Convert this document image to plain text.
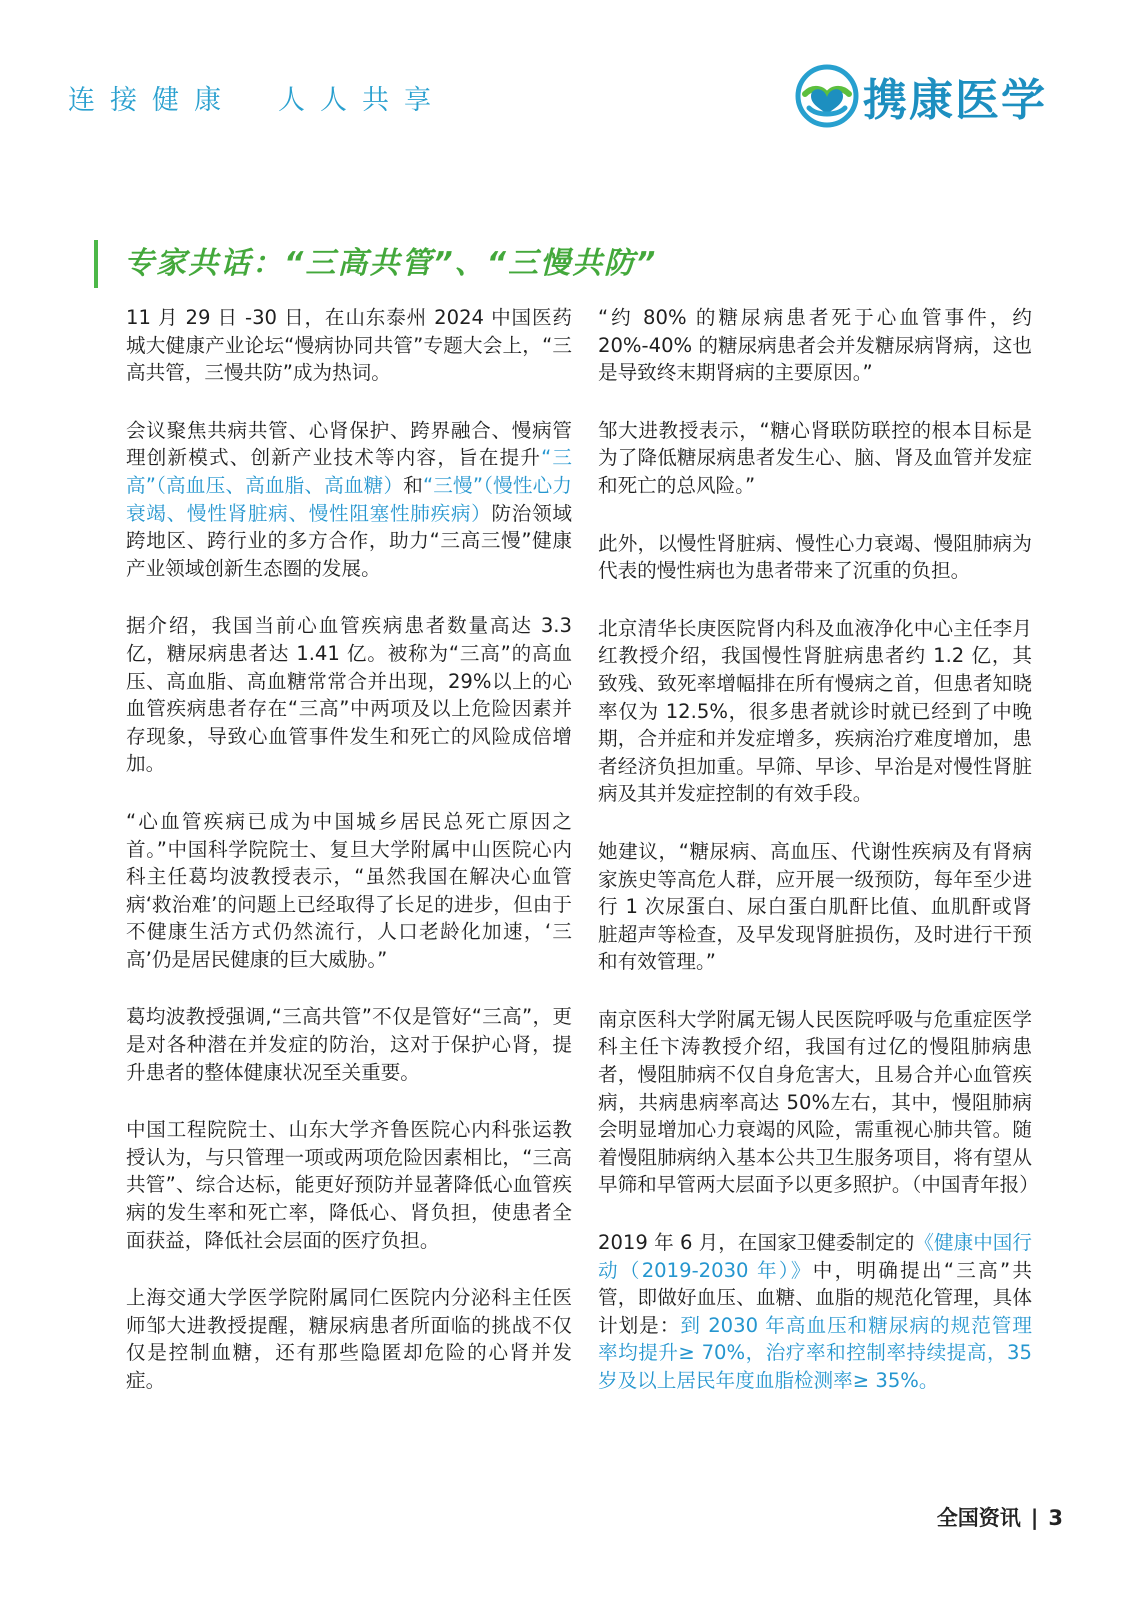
连接健康 人人共享	携康医学
专家共话：“三高共管”、“三慢共防”

11 月 29 日 -30 日，在山东泰州 2024 中国医药城大健康产业论坛“慢病协同共管”专题大会上，“三高共管，三慢共防”成为热词。

会议聚焦共病共管、心肾保护、跨界融合、慢病管理创新模式、创新产业技术等内容，旨在提升“三高”（高血压、高血脂、高血糖）和“三慢”（慢性心力衰竭、慢性肾脏病、慢性阻塞性肺疾病）防治领域跨地区、跨行业的多方合作，助力“三高三慢”健康产业领域创新生态圈的发展。

据介绍，我国当前心血管疾病患者数量高达 3.3 亿，糖尿病患者达 1.41 亿。被称为“三高”的高血压、高血脂、高血糖常常合并出现，29%以上的心血管疾病患者存在“三高”中两项及以上危险因素并存现象，导致心血管事件发生和死亡的风险成倍增加。

“心血管疾病已成为中国城乡居民总死亡原因之首。”中国科学院院士、复旦大学附属中山医院心内科主任葛均波教授表示，“虽然我国在解决心血管病‘救治难’的问题上已经取得了长足的进步，但由于不健康生活方式仍然流行，人口老龄化加速，‘三高’仍是居民健康的巨大威胁。”

葛均波教授强调,“三高共管”不仅是管好“三高”，更是对各种潜在并发症的防治，这对于保护心肾，提升患者的整体健康状况至关重要。

中国工程院院士、山东大学齐鲁医院心内科张运教授认为，与只管理一项或两项危险因素相比，“三高共管”、综合达标，能更好预防并显著降低心血管疾病的发生率和死亡率，降低心、肾负担，使患者全面获益，降低社会层面的医疗负担。

上海交通大学医学院附属同仁医院内分泌科主任医师邹大进教授提醒，糖尿病患者所面临的挑战不仅仅是控制血糖，还有那些隐匿却危险的心肾并发症。

“约 80% 的糖尿病患者死于心血管事件，约 20%-40% 的糖尿病患者会并发糖尿病肾病，这也是导致终末期肾病的主要原因。”

邹大进教授表示，“糖心肾联防联控的根本目标是为了降低糖尿病患者发生心、脑、肾及血管并发症和死亡的总风险。”

此外，以慢性肾脏病、慢性心力衰竭、慢阻肺病为代表的慢性病也为患者带来了沉重的负担。

北京清华长庚医院肾内科及血液净化中心主任李月红教授介绍，我国慢性肾脏病患者约 1.2 亿，其致残、致死率增幅排在所有慢病之首，但患者知晓率仅为 12.5%，很多患者就诊时就已经到了中晚期，合并症和并发症增多，疾病治疗难度增加，患者经济负担加重。早筛、早诊、早治是对慢性肾脏病及其并发症控制的有效手段。

她建议，“糖尿病、高血压、代谢性疾病及有肾病家族史等高危人群，应开展一级预防，每年至少进行 1 次尿蛋白、尿白蛋白肌酐比值、血肌酐或肾脏超声等检查，及早发现肾脏损伤，及时进行干预和有效管理。”

南京医科大学附属无锡人民医院呼吸与危重症医学科主任卞涛教授介绍，我国有过亿的慢阻肺病患者，慢阻肺病不仅自身危害大，且易合并心血管疾病，共病患病率高达 50%左右，其中，慢阻肺病会明显增加心力衰竭的风险，需重视心肺共管。随着慢阻肺病纳入基本公共卫生服务项目，将有望从早筛和早管两大层面予以更多照护。（中国青年报）

2019 年 6 月，在国家卫健委制定的《健康中国行动（2019-2030 年）》中，明确提出“三高”共管，即做好血压、血糖、血脂的规范化管理，具体计划是：到 2030 年高血压和糖尿病的规范管理率均提升≥ 70%，治疗率和控制率持续提高，35 岁及以上居民年度血脂检测率≥ 35%。

全国资讯 | 3
